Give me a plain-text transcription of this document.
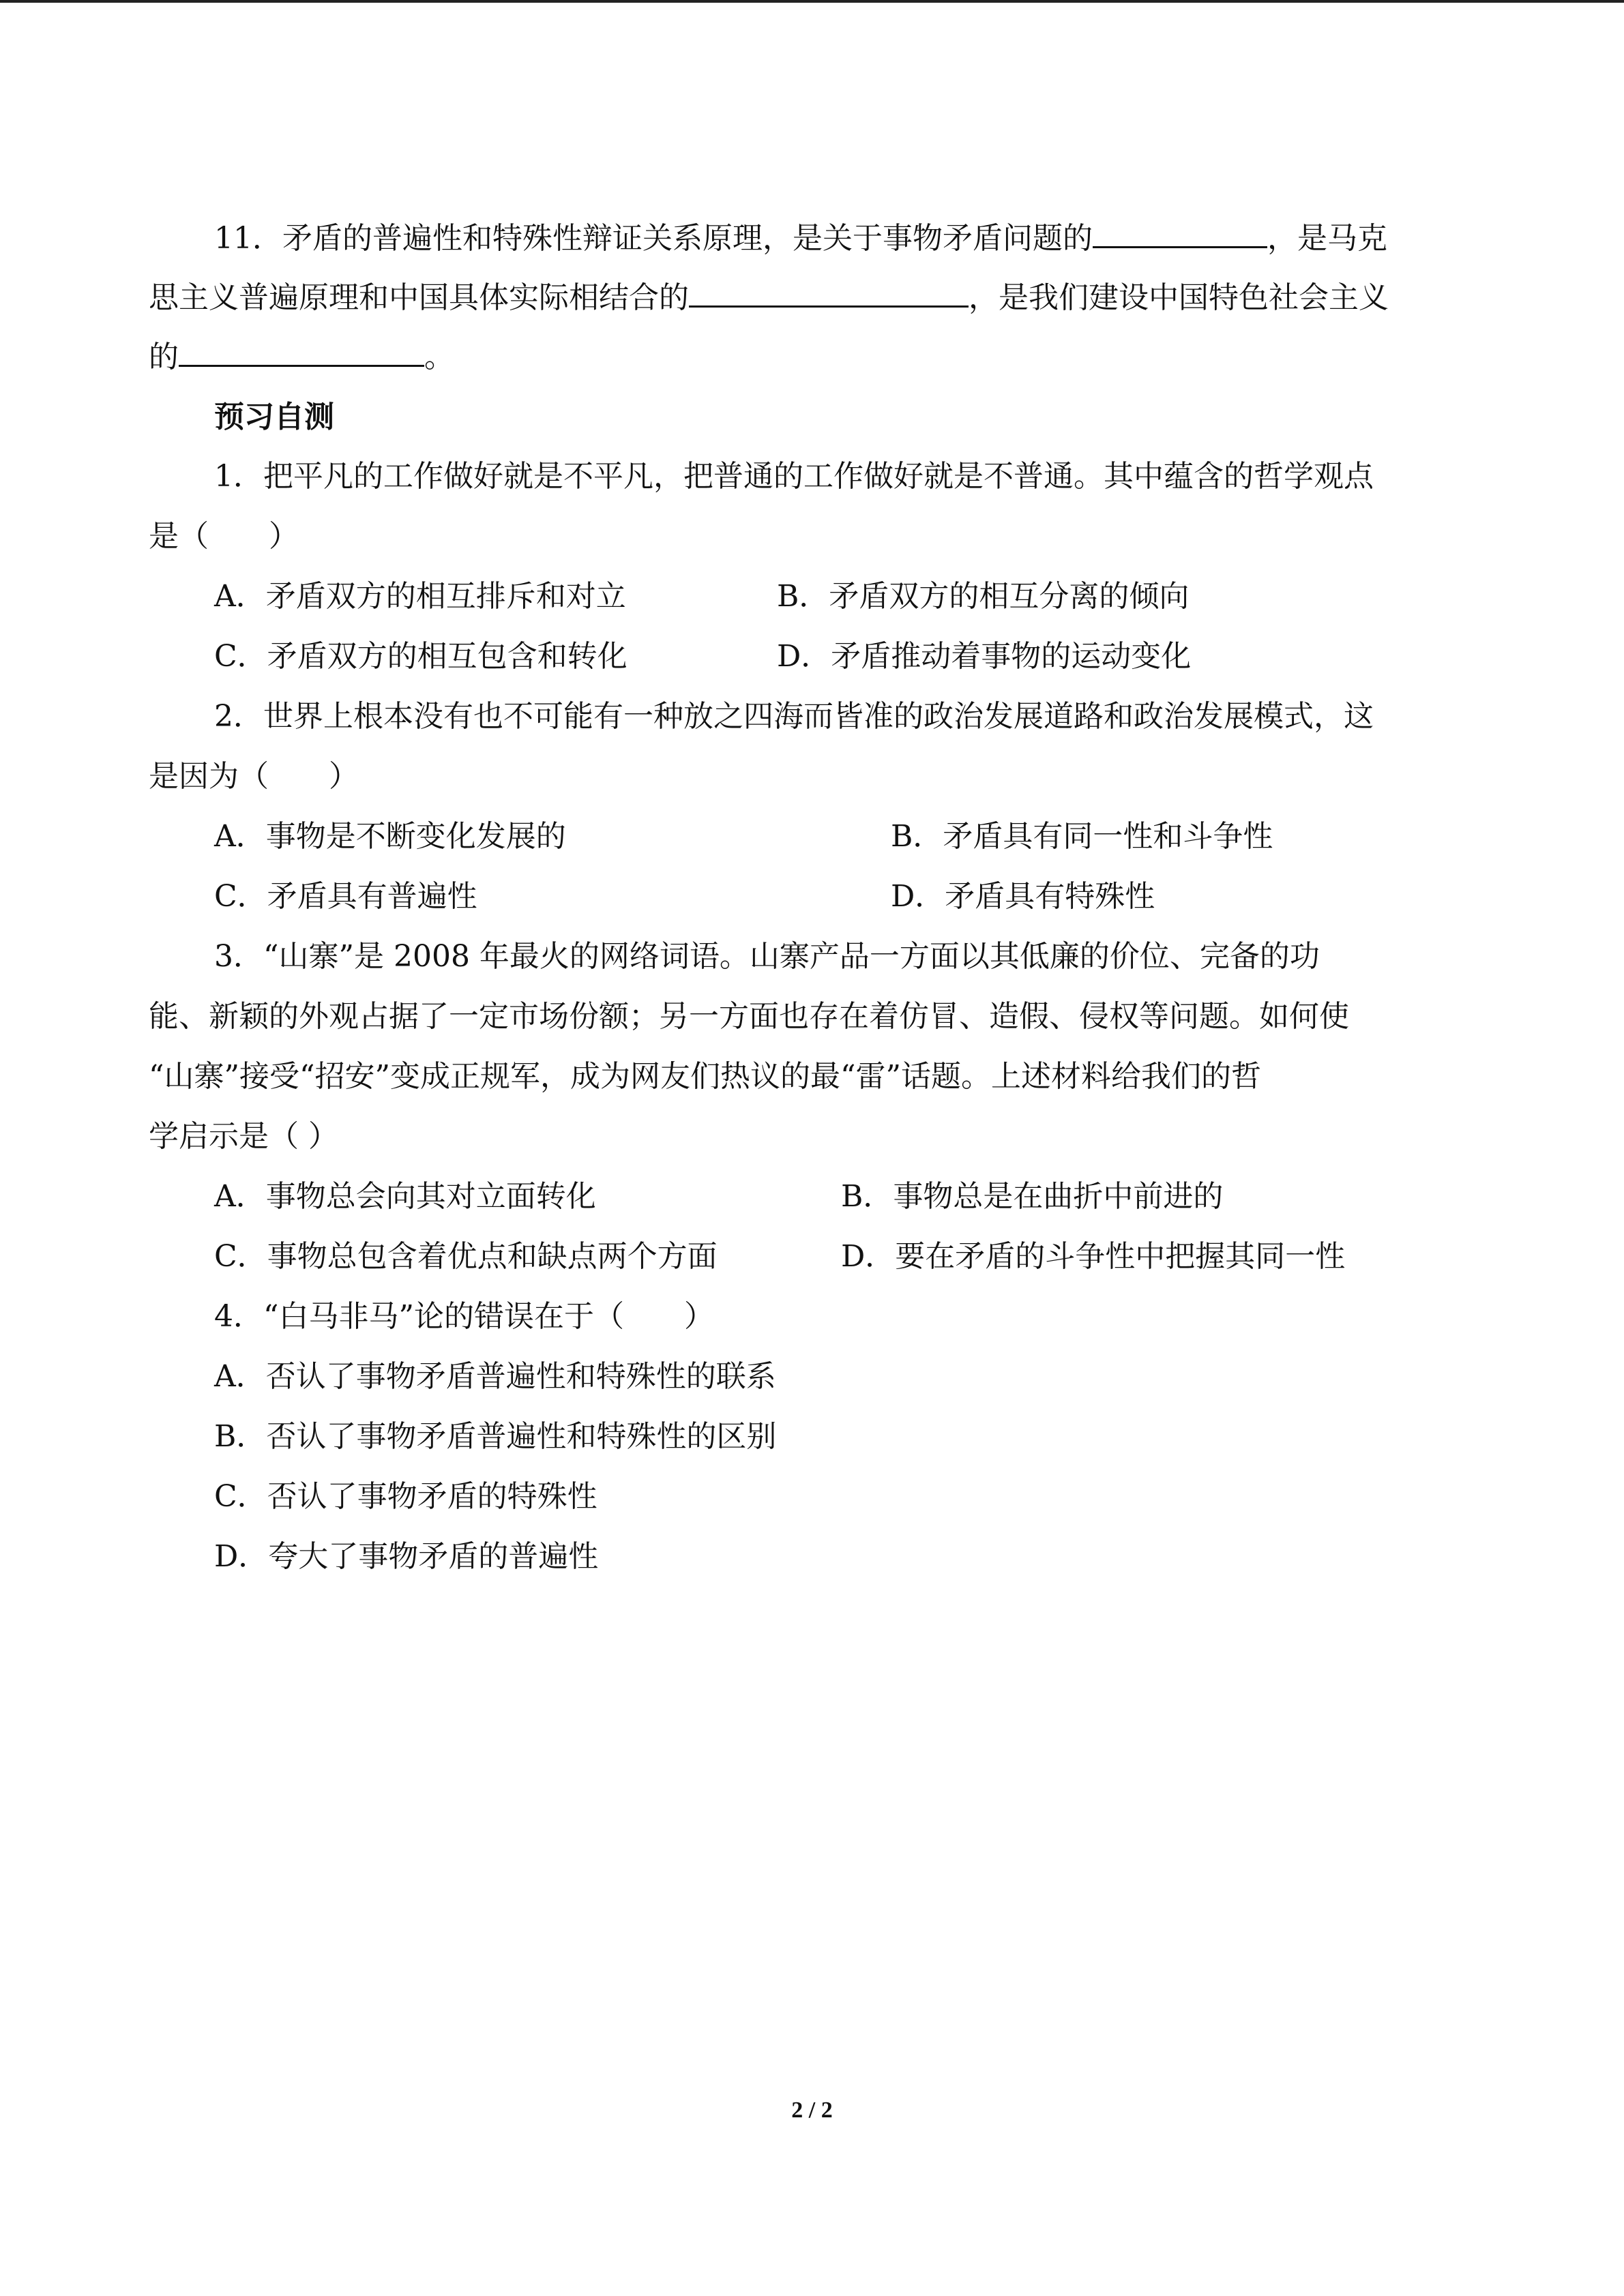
11．矛盾的普遍性和特殊性辩证关系原理，是关于事物矛盾问题的	，是马克
思主义普遍原理和中国具体实际相结合的	，是我们建设中国特色社会主义
的	。
预习自测
1．把平凡的工作做好就是不平凡，把普通的工作做好就是不普通。其中蕴含的哲学观点
是（　　）
A．矛盾双方的相互排斥和对立	B．矛盾双方的相互分离的倾向
C．矛盾双方的相互包含和转化	D．矛盾推动着事物的运动变化
2．世界上根本没有也不可能有一种放之四海而皆准的政治发展道路和政治发展模式，这
是因为（　　）
A．事物是不断变化发展的	B．矛盾具有同一性和斗争性
C．矛盾具有普遍性	D．矛盾具有特殊性
3．“山寨”是 2008 年最火的网络词语。山寨产品一方面以其低廉的价位、完备的功
能、新颖的外观占据了一定市场份额；另一方面也存在着仿冒、造假、侵权等问题。如何使
“山寨”接受“招安”变成正规军，成为网友们热议的最“雷”话题。上述材料给我们的哲
学启示是（ ）
A．事物总会向其对立面转化	B．事物总是在曲折中前进的
C．事物总包含着优点和缺点两个方面	D．要在矛盾的斗争性中把握其同一性
4．“白马非马”论的错误在于（　　）
A．否认了事物矛盾普遍性和特殊性的联系
B．否认了事物矛盾普遍性和特殊性的区别
C．否认了事物矛盾的特殊性
D．夸大了事物矛盾的普遍性
2 / 2
